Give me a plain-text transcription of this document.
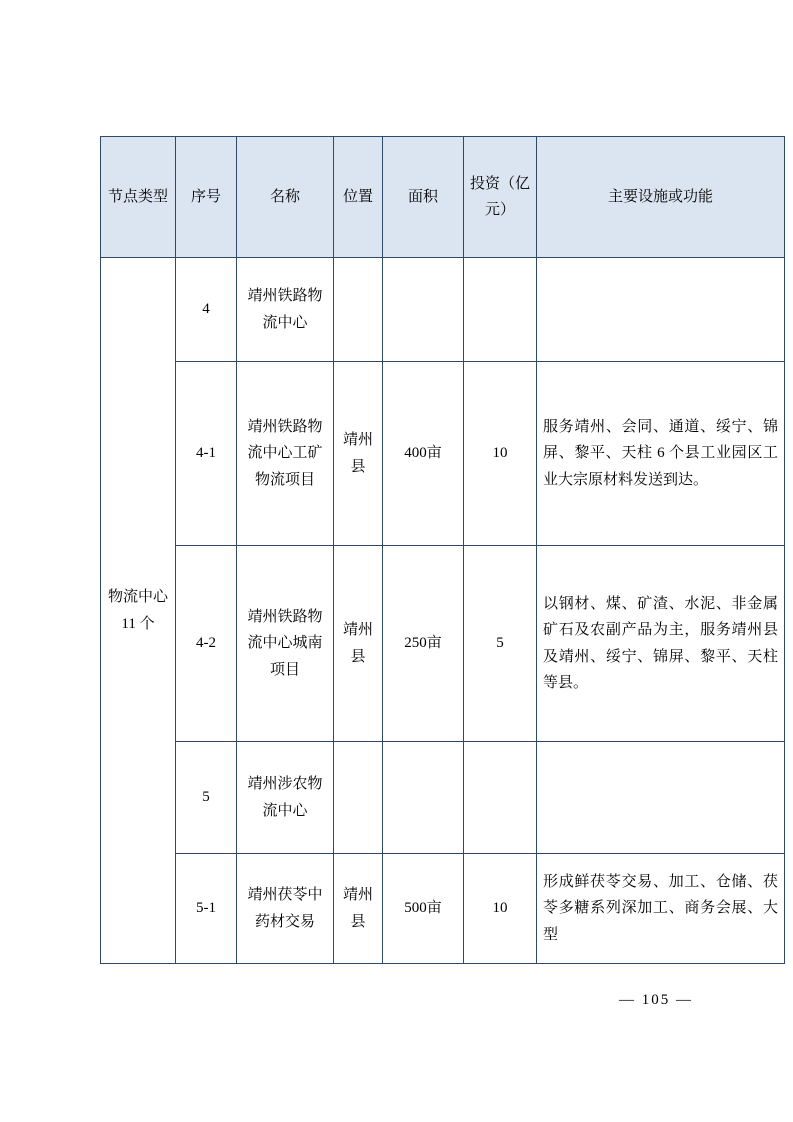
节点类型	序号	名称	位置	面积	投资（亿元）	主要设施或功能

物流中心 11 个	4	靖州铁路物流中心				
	4-1	靖州铁路物流中心工矿物流项目	靖州县	400亩	10	服务靖州、会同、通道、绥宁、锦屏、黎平、天柱 6 个县工业园区工业大宗原材料发送到达。
	4-2	靖州铁路物流中心城南项目	靖州县	250亩	5	以钢材、煤、矿渣、水泥、非金属矿石及农副产品为主，服务靖州县及靖州、绥宁、锦屏、黎平、天柱等县。
	5	靖州涉农物流中心				
	5-1	靖州茯苓中药材交易	靖州县	500亩	10	形成鲜茯苓交易、加工、仓储、茯苓多糖系列深加工、商务会展、大型
— 105 —
